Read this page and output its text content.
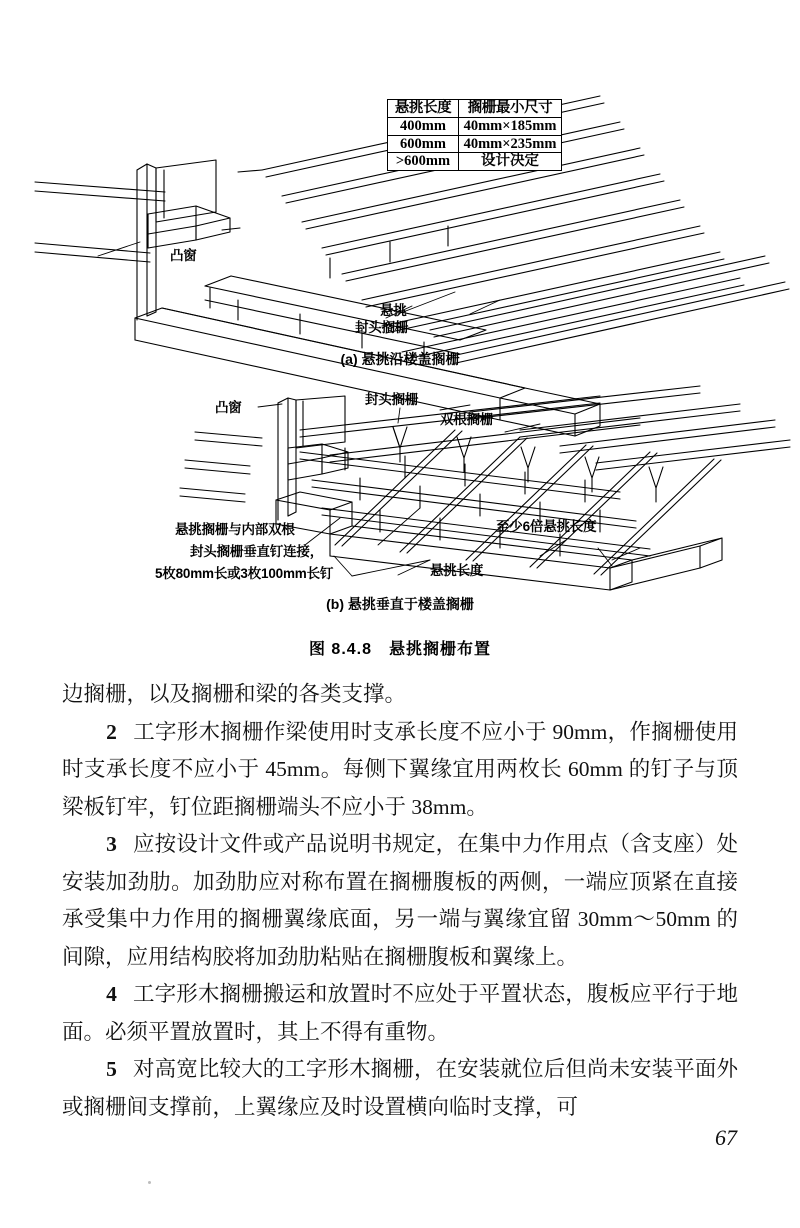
悬挑长度	搁栅最小尺寸
400mm	40mm×185mm
600mm	40mm×235mm
>600mm	设计决定
凸窗
悬挑
封头搁栅
(a) 悬挑沿楼盖搁栅
凸窗
封头搁栅
双根搁栅
悬挑搁栅与内部双根
封头搁栅垂直钉连接，
5枚80mm长或3枚100mm长钉	悬挑长度
至少6倍悬挑长度
(b) 悬挑垂直于楼盖搁栅
图 8.4.8　悬挑搁栅布置

边搁栅，以及搁栅和梁的各类支撑。

2 工字形木搁栅作梁使用时支承长度不应小于 90mm，作搁栅使用时支承长度不应小于 45mm。每侧下翼缘宜用两枚长 60mm 的钉子与顶梁板钉牢，钉位距搁栅端头不应小于 38mm。

3 应按设计文件或产品说明书规定，在集中力作用点（含支座）处安装加劲肋。加劲肋应对称布置在搁栅腹板的两侧，一端应顶紧在直接承受集中力作用的搁栅翼缘底面，另一端与翼缘宜留 30mm～50mm 的间隙，应用结构胶将加劲肋粘贴在搁栅腹板和翼缘上。

4 工字形木搁栅搬运和放置时不应处于平置状态，腹板应平行于地面。必须平置放置时，其上不得有重物。

5 对高宽比较大的工字形木搁栅，在安装就位后但尚未安装平面外或搁栅间支撑前，上翼缘应及时设置横向临时支撑，可

67
